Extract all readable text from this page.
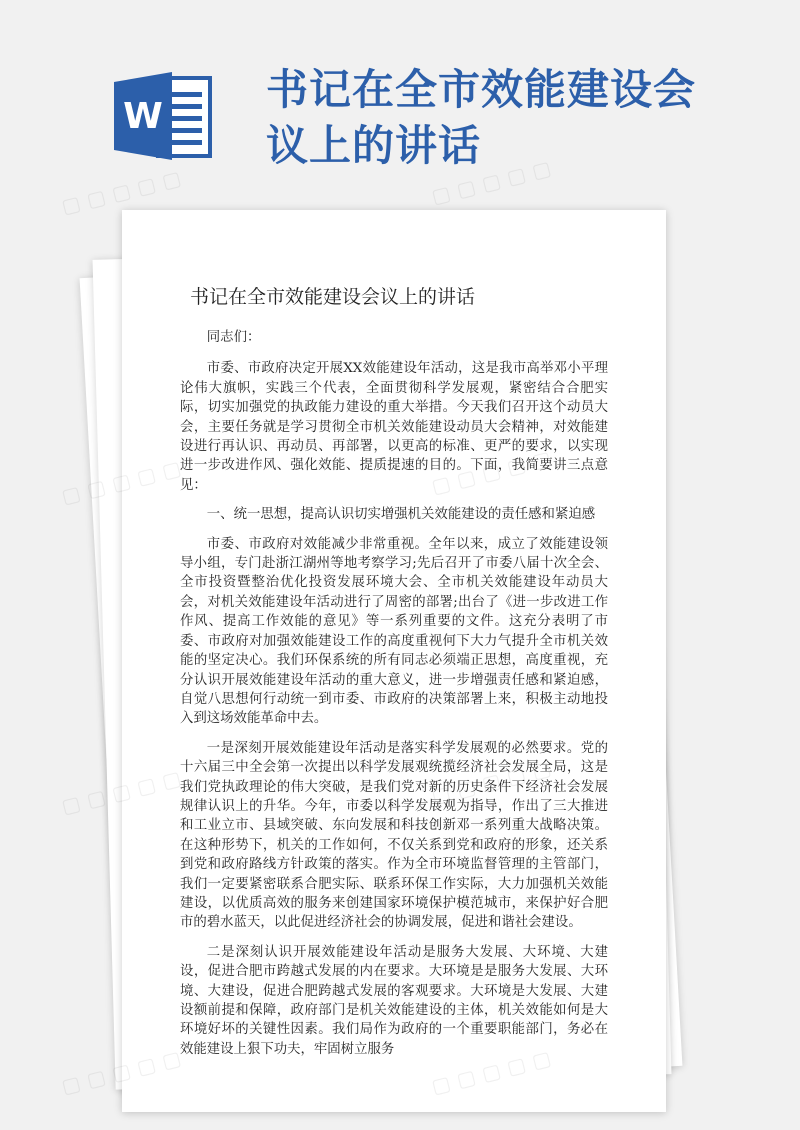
W
书记在全市效能建设会议上的讲话
书记在全市效能建设会议上的讲话

同志们：

市委、市政府决定开展XX效能建设年活动，这是我市高举邓小平理论伟大旗帜，实践三个代表，全面贯彻科学发展观，紧密结合合肥实际，切实加强党的执政能力建设的重大举措。今天我们召开这个动员大会，主要任务就是学习贯彻全市机关效能建设动员大会精神，对效能建设进行再认识、再动员、再部署，以更高的标准、更严的要求，以实现进一步改进作风、强化效能、提质提速的目的。下面，我简要讲三点意见：

一、统一思想，提高认识切实增强机关效能建设的责任感和紧迫感

市委、市政府对效能减少非常重视。全年以来，成立了效能建设领导小组，专门赴浙江湖州等地考察学习;先后召开了市委八届十次全会、全市投资暨整治优化投资发展环境大会、全市机关效能建设年动员大会，对机关效能建设年活动进行了周密的部署;出台了《进一步改进工作作风、提高工作效能的意见》等一系列重要的文件。这充分表明了市委、市政府对加强效能建设工作的高度重视何下大力气提升全市机关效能的坚定决心。我们环保系统的所有同志必须端正思想，高度重视，充分认识开展效能建设年活动的重大意义，进一步增强责任感和紧迫感，自觉八思想何行动统一到市委、市政府的决策部署上来，积极主动地投入到这场效能革命中去。

一是深刻开展效能建设年活动是落实科学发展观的必然要求。党的十六届三中全会第一次提出以科学发展观统揽经济社会发展全局，这是我们党执政理论的伟大突破，是我们党对新的历史条件下经济社会发展规律认识上的升华。今年，市委以科学发展观为指导，作出了三大推进和工业立市、县域突破、东向发展和科技创新邓一系列重大战略决策。在这种形势下，机关的工作如何，不仅关系到党和政府的形象，还关系到党和政府路线方针政策的落实。作为全市环境监督管理的主管部门，我们一定要紧密联系合肥实际、联系环保工作实际，大力加强机关效能建设，以优质高效的服务来创建国家环境保护模范城市，来保护好合肥市的碧水蓝天，以此促进经济社会的协调发展，促进和谐社会建设。

二是深刻认识开展效能建设年活动是服务大发展、大环境、大建设，促进合肥市跨越式发展的内在要求。大环境是是服务大发展、大环境、大建设，促进合肥跨越式发展的客观要求。大环境是大发展、大建设额前提和保障，政府部门是机关效能建设的主体，机关效能如何是大环境好坏的关键性因素。我们局作为政府的一个重要职能部门，务必在效能建设上狠下功夫，牢固树立服务

▢ ▢ ▢ ▢ ▢	▢ ▢ ▢ ▢ ▢
▢
▢ ▢
▢ ▢
